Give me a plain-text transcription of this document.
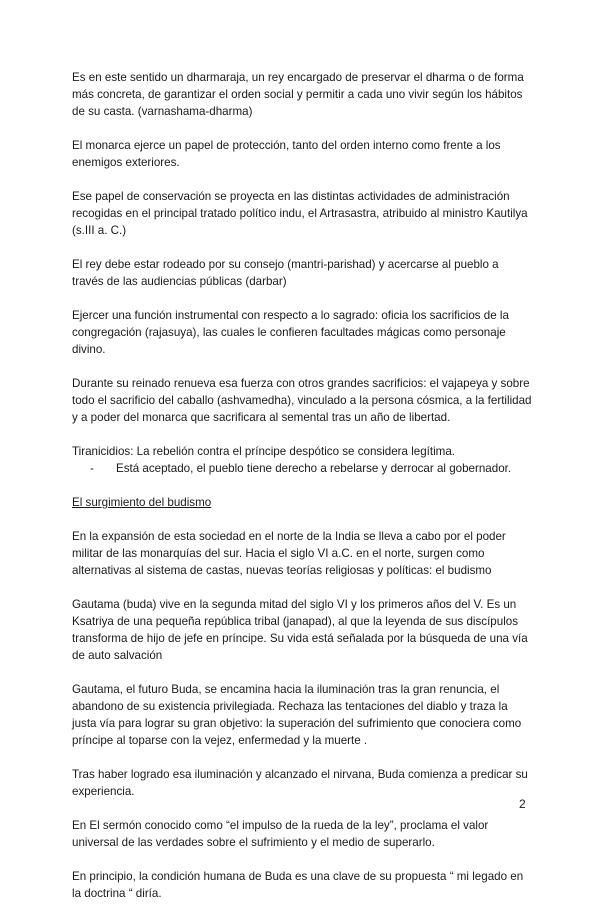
Es en este sentido un dharmaraja, un rey encargado de preservar el dharma o de forma más concreta, de garantizar el orden social y permitir a cada uno vivir según los hábitos de su casta. (varnashama-dharma)

El monarca ejerce un papel de protección, tanto del orden interno como frente a los enemigos exteriores.

Ese papel de conservación se proyecta en las distintas actividades de administración recogidas en el principal tratado político indu, el Artrasastra, atribuido al ministro Kautilya (s.III a. C.)

El rey debe estar rodeado por su consejo (mantri-parishad) y acercarse al pueblo a través de las audiencias públicas (darbar)

Ejercer una función instrumental con respecto a lo sagrado: oficia los sacrificios de la congregación (rajasuya), las cuales le confieren facultades mágicas como personaje divino.

Durante su reinado renueva esa fuerza con otros grandes sacrificios: el vajapeya y sobre todo el sacrificio del caballo (ashvamedha), vinculado a la persona cósmica, a la fertilidad y a poder del monarca que sacrificara al semental tras un año de libertad.

Tiranicidios: La rebelión contra el príncipe despótico se considera legítima.

-	Está aceptado, el pueblo tiene derecho a rebelarse y derrocar al gobernador.

El surgimiento del budismo

En la expansión de esta sociedad en el norte de la India se lleva a cabo por el poder militar de las monarquías del sur. Hacia el siglo VI a.C. en el norte, surgen como alternativas al sistema de castas, nuevas teorías religiosas y políticas: el budismo

Gautama (buda) vive en la segunda mitad del siglo VI y los primeros años del V. Es un Ksatriya de una pequeña república tribal (janapad), al que la leyenda de sus discípulos transforma de hijo de jefe en príncipe. Su vida está señalada por la búsqueda de una vía de auto salvación

Gautama, el futuro Buda, se encamina hacia la iluminación tras la gran renuncia, el abandono de su existencia privilegiada. Rechaza las tentaciones del diablo y traza la justa vía para lograr su gran objetivo: la superación del sufrimiento que conociera como príncipe al toparse con la vejez, enfermedad y la muerte .

Tras haber logrado esa iluminación y alcanzado el nirvana, Buda comienza a predicar su experiencia.

En El sermón conocido como “el impulso de la rueda de la ley”, proclama el valor universal de las verdades sobre el sufrimiento y el medio de superarlo.

En principio, la condición humana de Buda es una clave de su propuesta “ mi legado en la doctrina “ diría.

2
